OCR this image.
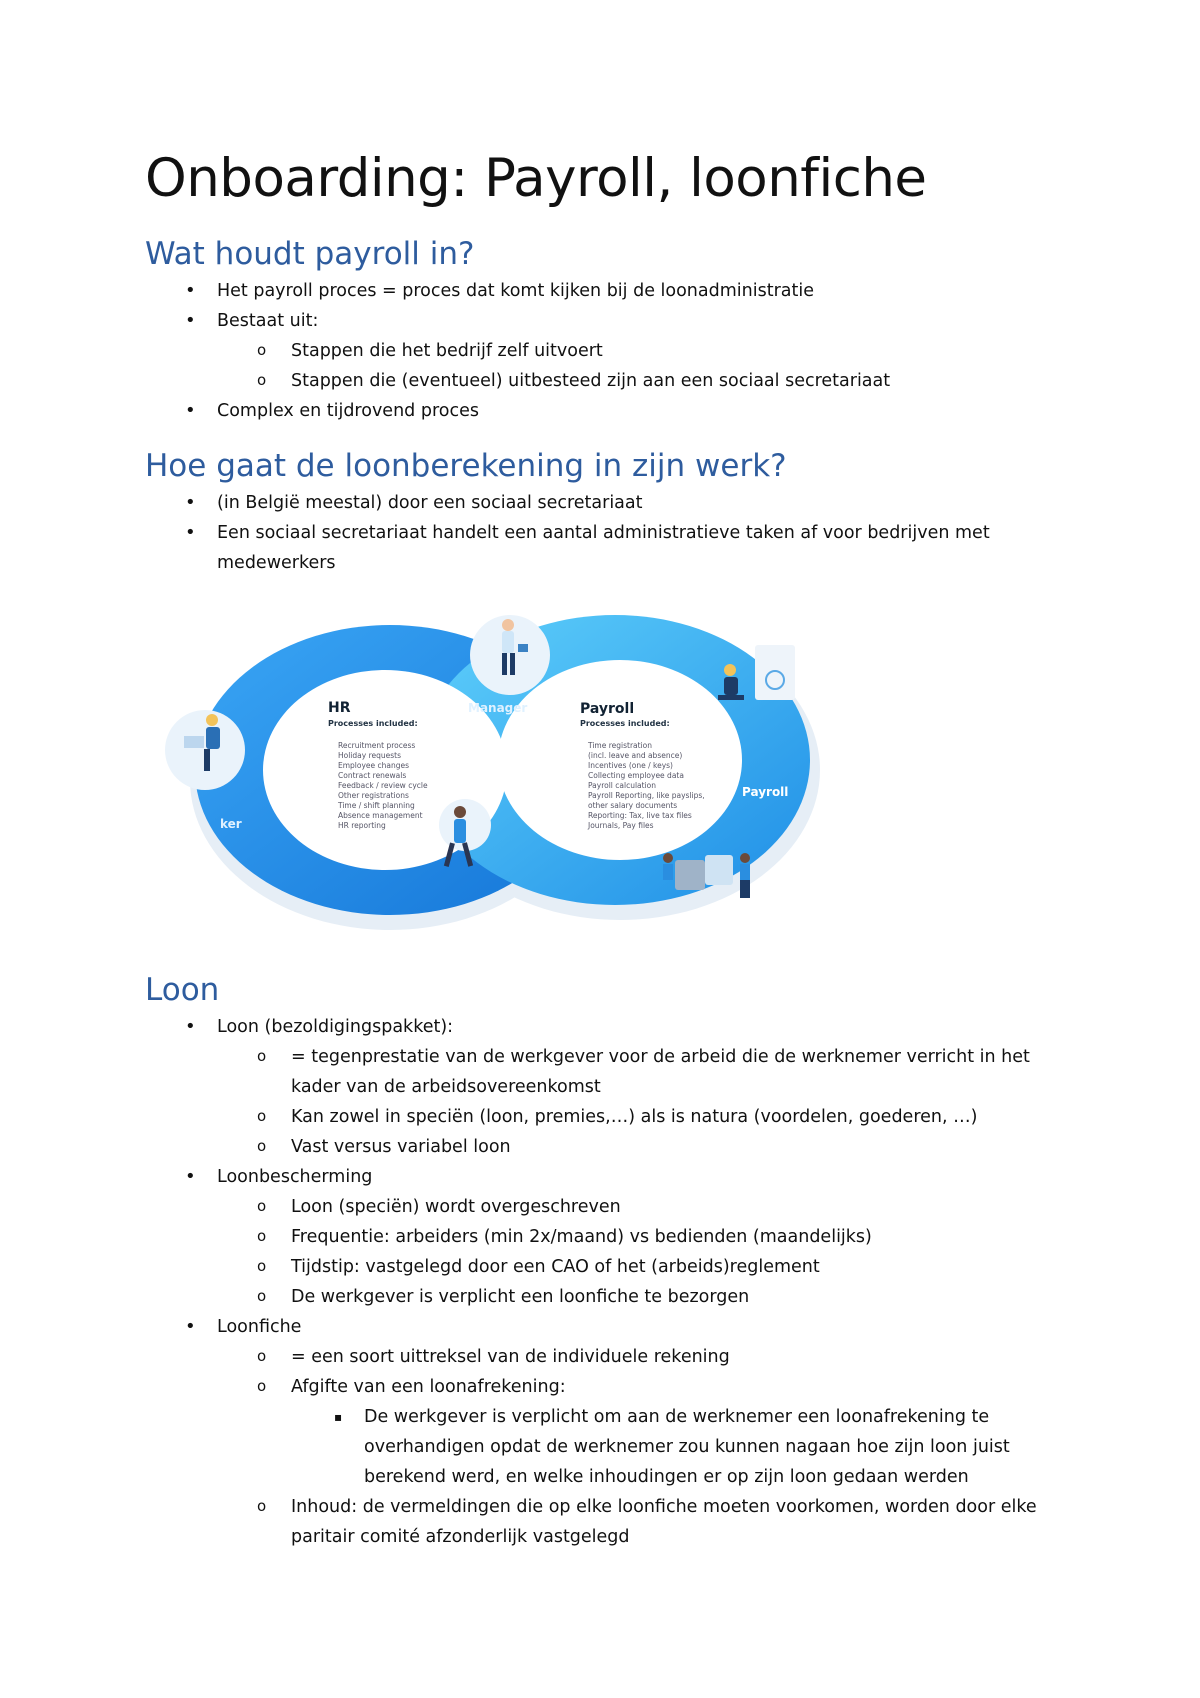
Onboarding: Payroll, loonfiche
Wat houdt payroll in?
• Het payroll proces = proces dat komt kijken bij de loonadministratie
• Bestaat uit:
o Stappen die het bedrijf zelf uitvoert
o Stappen die (eventueel) uitbesteed zijn aan een sociaal secretariaat
• Complex en tijdrovend proces
Hoe gaat de loonberekening in zijn werk?
• (in België meestal) door een sociaal secretariaat
• Een sociaal secretariaat handelt een aantal administratieve taken af voor bedrijven met medewerkers
Loon
• Loon (bezoldigingspakket):
o = tegenprestatie van de werkgever voor de arbeid die de werknemer verricht in het kader van de arbeidsovereenkomst
o Kan zowel in speciën (loon, premies,…) als is natura (voordelen, goederen, …)
o Vast versus variabel loon
• Loonbescherming
o Loon (speciën) wordt overgeschreven
o Frequentie: arbeiders (min 2x/maand) vs bedienden (maandelijks)
o Tijdstip: vastgelegd door een CAO of het (arbeids)reglement
o De werkgever is verplicht een loonfiche te bezorgen
• Loonfiche
o = een soort uittreksel van de individuele rekening
o Afgifte van een loonafrekening:
▪ De werkgever is verplicht om aan de werknemer een loonafrekening te overhandigen opdat de werknemer zou kunnen nagaan hoe zijn loon juist berekend werd, en welke inhoudingen er op zijn loon gedaan werden
o Inhoud: de vermeldingen die op elke loonfiche moeten voorkomen, worden door elke paritair comité afzonderlijk vastgelegd
HR
Processes included:
Recruitment process
Holiday requests
Employee changes
Contract renewals
Feedback / review cycle
Other registrations
Time / shift planning
Absence management
HR reporting
Payroll
Processes included:
Time registration
(incl. leave and absence)
Incentives (one / keys)
Collecting employee data
Payroll calculation
Payroll Reporting, like payslips,
other salary documents
Reporting: Tax, live tax files
Journals, Pay files
Manager
Payroll
ker
